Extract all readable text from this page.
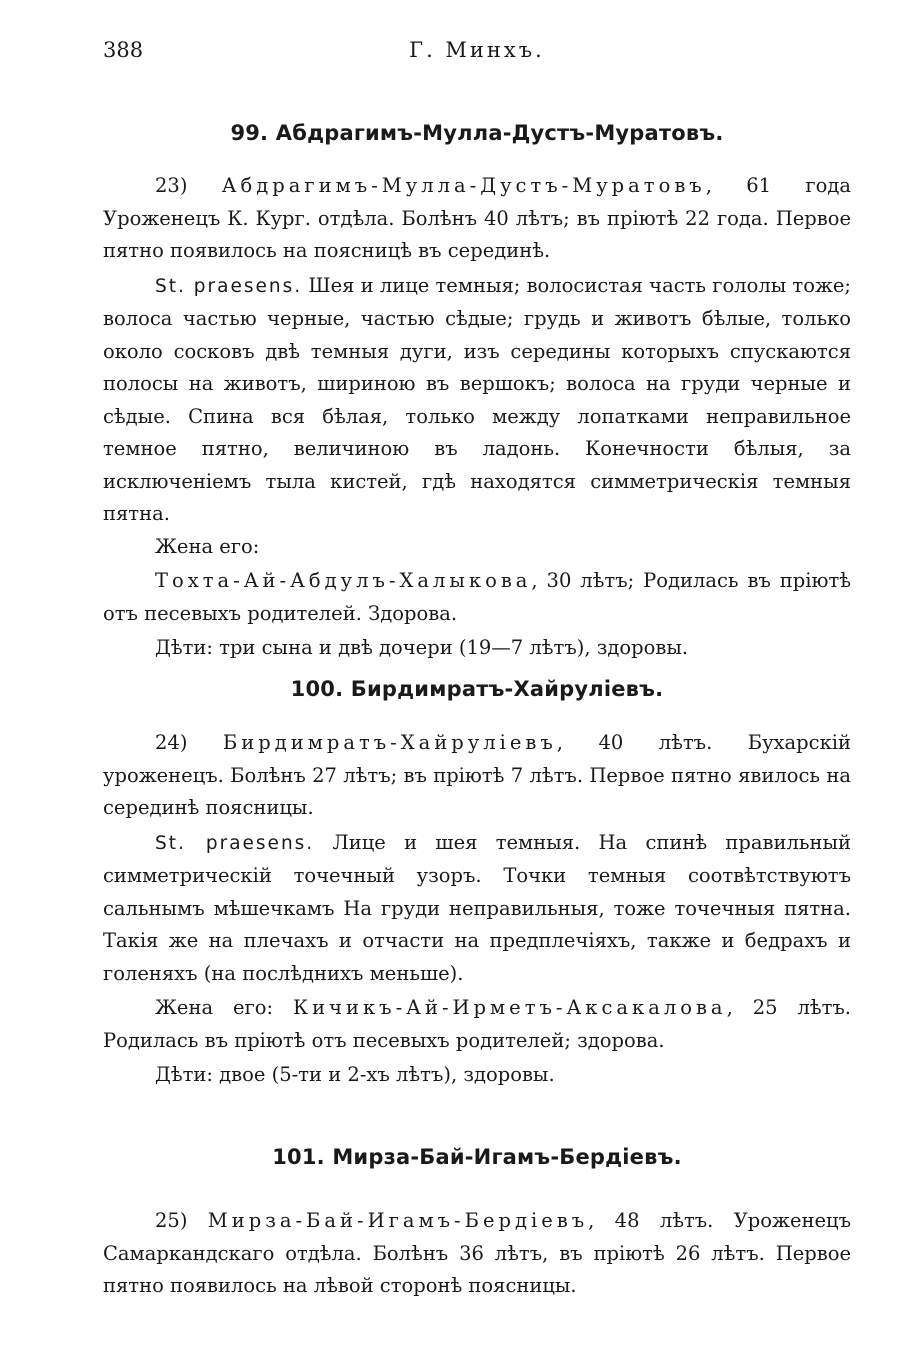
388	Г. Минхъ.
99. Абдрагимъ-Мулла-Дустъ-Муратовъ.

23) Абдрагимъ-Мулла-Дустъ-Муратовъ, 61 года Уроженецъ К. Кург. отдѣла. Болѣнъ 40 лѣтъ; въ пріютѣ 22 года. Первое пятно появилось на поясницѣ въ серединѣ.

St. praesens. Шея и лице темныя; волосистая часть гололы тоже; волоса частью черные, частью сѣдые; грудь и животъ бѣлые, только около сосковъ двѣ темныя дуги, изъ середины которыхъ спускаются полосы на животъ, шириною въ вершокъ; волоса на груди черные и сѣдые. Спина вся бѣлая, только между лопатками неправильное темное пятно, величиною въ ладонь. Конечности бѣлыя, за исключеніемъ тыла кистей, гдѣ находятся симметрическія темныя пятна.

Жена его:

Тохта-Ай-Абдулъ-Халыкова, 30 лѣтъ; Родилась въ пріютѣ отъ песевыхъ родителей. Здорова.

Дѣти: три сына и двѣ дочери (19—7 лѣтъ), здоровы.

100. Бирдимратъ-Хайруліевъ.

24) Бирдимратъ-Хайруліевъ, 40 лѣтъ. Бухарскій уроженецъ. Болѣнъ 27 лѣтъ; въ пріютѣ 7 лѣтъ. Первое пятно явилось на серединѣ поясницы.

St. praesens. Лице и шея темныя. На спинѣ правильный симметрическій точечный узоръ. Точки темныя соотвѣтствуютъ сальнымъ мѣшечкамъ На груди неправильныя, тоже точечныя пятна. Такія же на плечахъ и отчасти на предплечіяхъ, также и бедрахъ и голеняхъ (на послѣднихъ меньше).

Жена его: Кичикъ-Ай-Ирметъ-Аксакалова, 25 лѣтъ. Родилась въ пріютѣ отъ песевыхъ родителей; здорова.

Дѣти: двое (5-ти и 2-хъ лѣтъ), здоровы.

101. Мирза-Бай-Игамъ-Бердіевъ.

25) Мирза-Бай-Игамъ-Бердіевъ, 48 лѣтъ. Уроженецъ Самаркандскаго отдѣла. Болѣнъ 36 лѣтъ, въ пріютѣ 26 лѣтъ. Первое пятно появилось на лѣвой сторонѣ поясницы.
